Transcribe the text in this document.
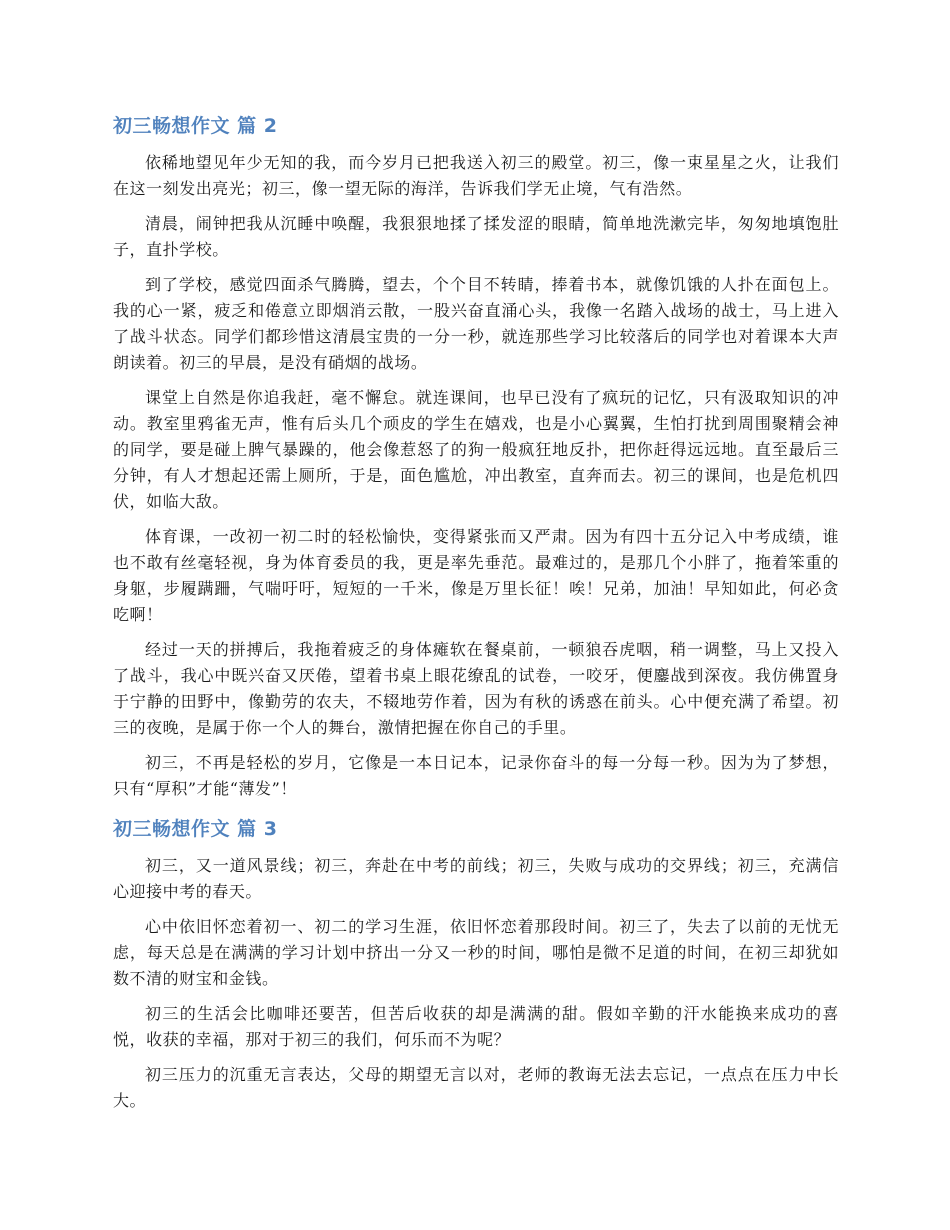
初三畅想作文 篇 2

依稀地望见年少无知的我，而今岁月已把我送入初三的殿堂。初三，像一束星星之火，让我们在这一刻发出亮光；初三，像一望无际的海洋，告诉我们学无止境，气有浩然。

清晨，闹钟把我从沉睡中唤醒，我狠狠地揉了揉发涩的眼睛，简单地洗漱完毕，匆匆地填饱肚子，直扑学校。

到了学校，感觉四面杀气腾腾，望去，个个目不转睛，捧着书本，就像饥饿的人扑在面包上。我的心一紧，疲乏和倦意立即烟消云散，一股兴奋直涌心头，我像一名踏入战场的战士，马上进入了战斗状态。同学们都珍惜这清晨宝贵的一分一秒，就连那些学习比较落后的同学也对着课本大声朗读着。初三的早晨，是没有硝烟的战场。

课堂上自然是你追我赶，毫不懈怠。就连课间，也早已没有了疯玩的记忆，只有汲取知识的冲动。教室里鸦雀无声，惟有后头几个顽皮的学生在嬉戏，也是小心翼翼，生怕打扰到周围聚精会神的同学，要是碰上脾气暴躁的，他会像惹怒了的狗一般疯狂地反扑，把你赶得远远地。直至最后三分钟，有人才想起还需上厕所，于是，面色尴尬，冲出教室，直奔而去。初三的课间，也是危机四伏，如临大敌。

体育课，一改初一初二时的轻松愉快，变得紧张而又严肃。因为有四十五分记入中考成绩，谁也不敢有丝毫轻视，身为体育委员的我，更是率先垂范。最难过的，是那几个小胖了，拖着笨重的身躯，步履蹒跚，气喘吁吁，短短的一千米，像是万里长征！唉！兄弟，加油！早知如此，何必贪吃啊！

经过一天的拼搏后，我拖着疲乏的身体瘫软在餐桌前，一顿狼吞虎咽，稍一调整，马上又投入了战斗，我心中既兴奋又厌倦，望着书桌上眼花缭乱的试卷，一咬牙，便鏖战到深夜。我仿佛置身于宁静的田野中，像勤劳的农夫，不辍地劳作着，因为有秋的诱惑在前头。心中便充满了希望。初三的夜晚，是属于你一个人的舞台，激情把握在你自己的手里。

初三，不再是轻松的岁月，它像是一本日记本，记录你奋斗的每一分每一秒。因为为了梦想，只有“厚积”才能“薄发”！

初三畅想作文 篇 3

初三，又一道风景线；初三，奔赴在中考的前线；初三，失败与成功的交界线；初三，充满信心迎接中考的春天。

心中依旧怀恋着初一、初二的学习生涯，依旧怀恋着那段时间。初三了，失去了以前的无忧无虑，每天总是在满满的学习计划中挤出一分又一秒的时间，哪怕是微不足道的时间，在初三却犹如数不清的财宝和金钱。

初三的生活会比咖啡还要苦，但苦后收获的却是满满的甜。假如辛勤的汗水能换来成功的喜悦，收获的幸福，那对于初三的我们，何乐而不为呢？

初三压力的沉重无言表达，父母的期望无言以对，老师的教诲无法去忘记，一点点在压力中长大。
